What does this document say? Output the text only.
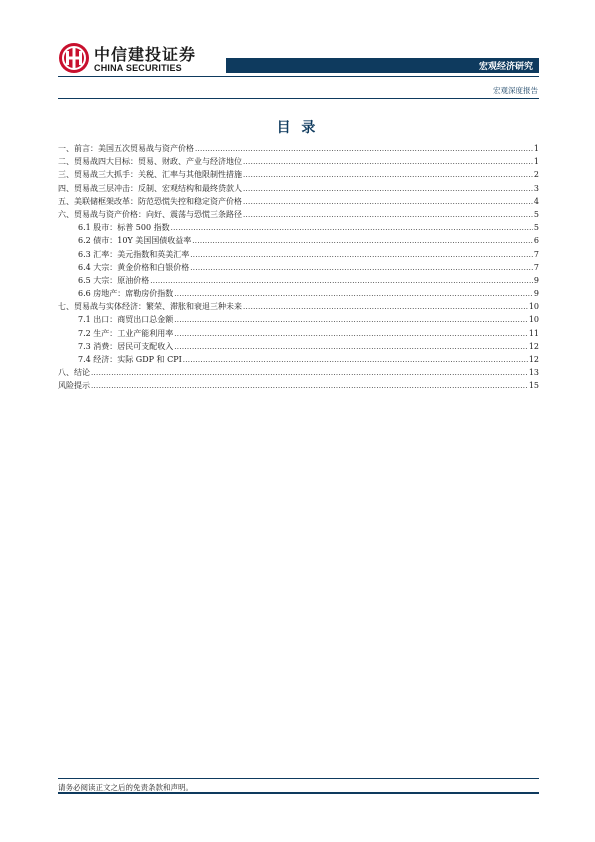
中信建投证券
CHINA SECURITIES	宏观经济研究
宏观深度报告
目 录
一、前言：美国五次贸易战与资产价格 .....	1
二、贸易战四大目标：贸易、财政、产业与经济地位 .....	1
三、贸易战三大抓手：关税、汇率与其他限制性措施 .....	2
四、贸易战三层冲击：反制、宏观结构和最终贷款人 .....	3
五、美联储框架改革：防范恐慌失控和稳定资产价格 .....	4
六、贸易战与资产价格：向好、震荡与恐慌三条路径 .....	5
6.1 股市：标普 500 指数 .....	5
6.2 债市：10Y 美国国债收益率 .....	6
6.3 汇率：美元指数和英美汇率 .....	7
6.4 大宗：黄金价格和白银价格 .....	7
6.5 大宗：原油价格 .....	9
6.6 房地产：席勒房价指数 .....	9
七、贸易战与实体经济：繁荣、滞胀和衰退三种未来 .....	10
7.1 出口：商贸出口总金额 .....	10
7.2 生产：工业产能利用率 .....	11
7.3 消费：居民可支配收入 .....	12
7.4 经济：实际 GDP 和 CPI .....	12
八、结论 .....	13
风险提示 .....	15
请务必阅读正文之后的免责条款和声明。
